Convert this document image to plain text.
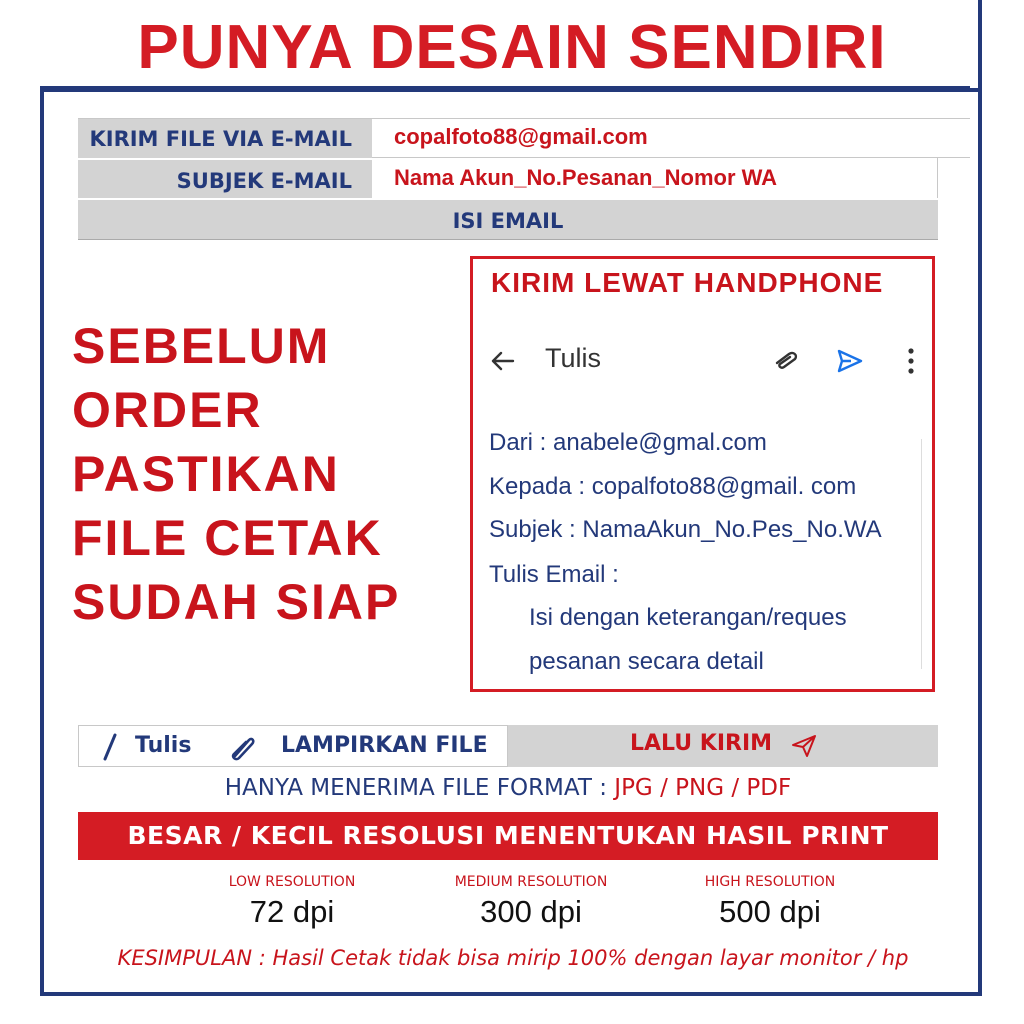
PUNYA DESAIN SENDIRI
KIRIM FILE VIA E-MAIL	copalfoto88@gmail.com
SUBJEK E-MAIL	Nama Akun_No.Pesanan_Nomor WA
ISI EMAIL
SEBELUM
ORDER
PASTIKAN
FILE CETAK
SUDAH SIAP
KIRIM LEWAT HANDPHONE
Tulis
Dari : anabele@gmal.com
Kepada : copalfoto88@gmail. com
Subjek : NamaAkun_No.Pes_No.WA
Tulis Email :
Isi dengan keterangan/reques
pesanan secara detail
Tulis	LAMPIRKAN FILE	LALU KIRIM
HANYA MENERIMA FILE FORMAT : JPG / PNG / PDF
BESAR / KECIL RESOLUSI MENENTUKAN HASIL PRINT
LOW RESOLUTION
72 dpi
MEDIUM RESOLUTION
300 dpi
HIGH RESOLUTION
500 dpi
KESIMPULAN : Hasil Cetak tidak bisa mirip 100% dengan layar monitor / hp
